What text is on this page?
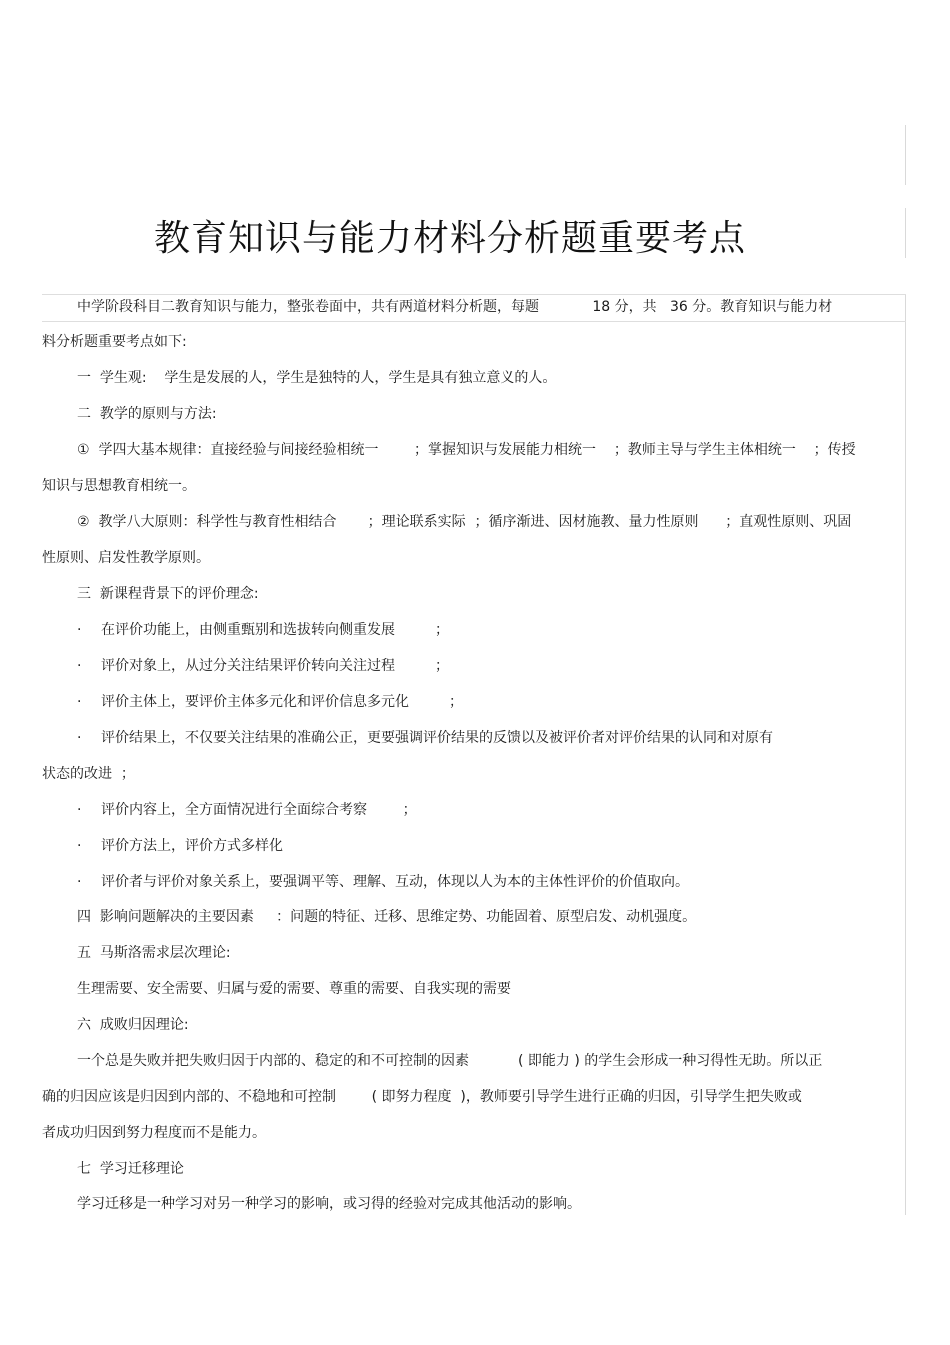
教育知识与能力材料分析题重要考点
中学阶段科目二教育知识与能力，整张卷面中，共有两道材料分析题，每题            18 分，共   36 分。教育知识与能力材
料分析题重要考点如下:
一  学生观:    学生是发展的人，学生是独特的人，学生是具有独立意义的人。
二  教学的原则与方法:
①  学四大基本规律：直接经验与间接经验相统一        ；掌握知识与发展能力相统一    ；教师主导与学生主体相统一    ；传授
知识与思想教育相统一。
②  教学八大原则：科学性与教育性相结合       ；理论联系实际  ；循序渐进、因材施教、量力性原则      ；直观性原则、巩固
性原则、启发性教学原则。
三  新课程背景下的评价理念:
· 在评价功能上，由侧重甄别和选拔转向侧重发展         ；
· 评价对象上，从过分关注结果评价转向关注过程         ；
· 评价主体上，要评价主体多元化和评价信息多元化         ；
· 评价结果上，不仅要关注结果的准确公正，更要强调评价结果的反馈以及被评价者对评价结果的认同和对原有
状态的改进  ；
· 评价内容上，全方面情况进行全面综合考察        ；
· 评价方法上，评价方式多样化
· 评价者与评价对象关系上，要强调平等、理解、互动，体现以人为本的主体性评价的价值取向。
四  影响问题解决的主要因素     ：问题的特征、迁移、思维定势、功能固着、原型启发、动机强度。
五  马斯洛需求层次理论:
生理需要、安全需要、归属与爱的需要、尊重的需要、自我实现的需要
六  成败归因理论:
一个总是失败并把失败归因于内部的、稳定的和不可控制的因素           ( 即能力 ) 的学生会形成一种习得性无助。所以正
确的归因应该是归因到内部的、不稳地和可控制        ( 即努力程度  )，教师要引导学生进行正确的归因，引导学生把失败或
者成功归因到努力程度而不是能力。
七  学习迁移理论
学习迁移是一种学习对另一种学习的影响，或习得的经验对完成其他活动的影响。
